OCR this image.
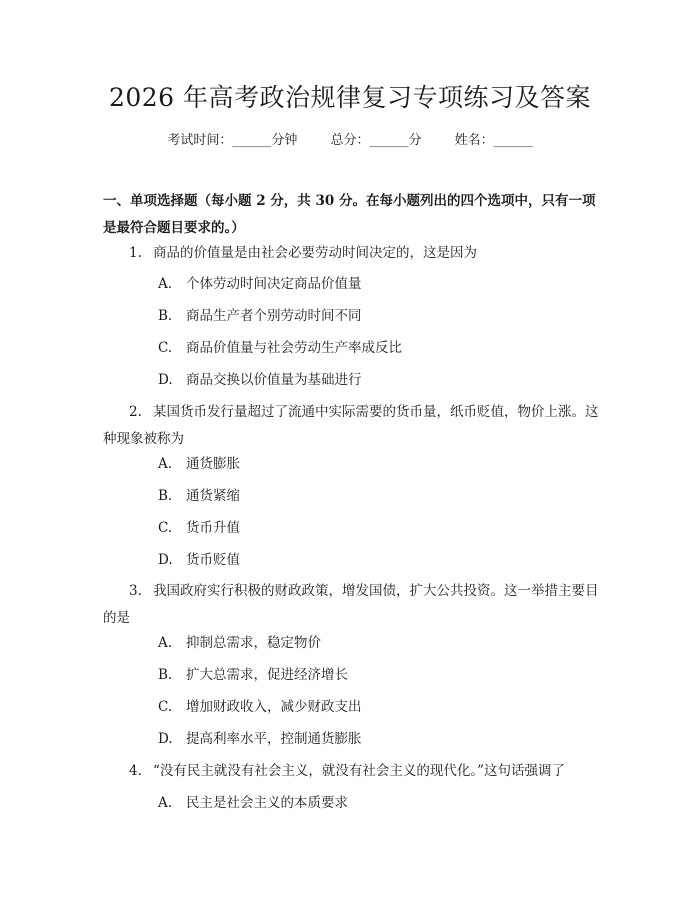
2026 年高考政治规律复习专项练习及答案
考试时间：______分钟	总分：______分	姓名：______
一、单项选择题（每小题 2 分，共 30 分。在每小题列出的四个选项中，只有一项是最符合题目要求的。）
1. 商品的价值量是由社会必要劳动时间决定的，这是因为
A. 个体劳动时间决定商品价值量
B. 商品生产者个别劳动时间不同
C. 商品价值量与社会劳动生产率成反比
D. 商品交换以价值量为基础进行
2. 某国货币发行量超过了流通中实际需要的货币量，纸币贬值，物价上涨。这种现象被称为
A. 通货膨胀
B. 通货紧缩
C. 货币升值
D. 货币贬值
3. 我国政府实行积极的财政政策，增发国债，扩大公共投资。这一举措主要目的是
A. 抑制总需求，稳定物价
B. 扩大总需求，促进经济增长
C. 增加财政收入，减少财政支出
D. 提高利率水平，控制通货膨胀
4. “没有民主就没有社会主义，就没有社会主义的现代化。”这句话强调了
A. 民主是社会主义的本质要求
